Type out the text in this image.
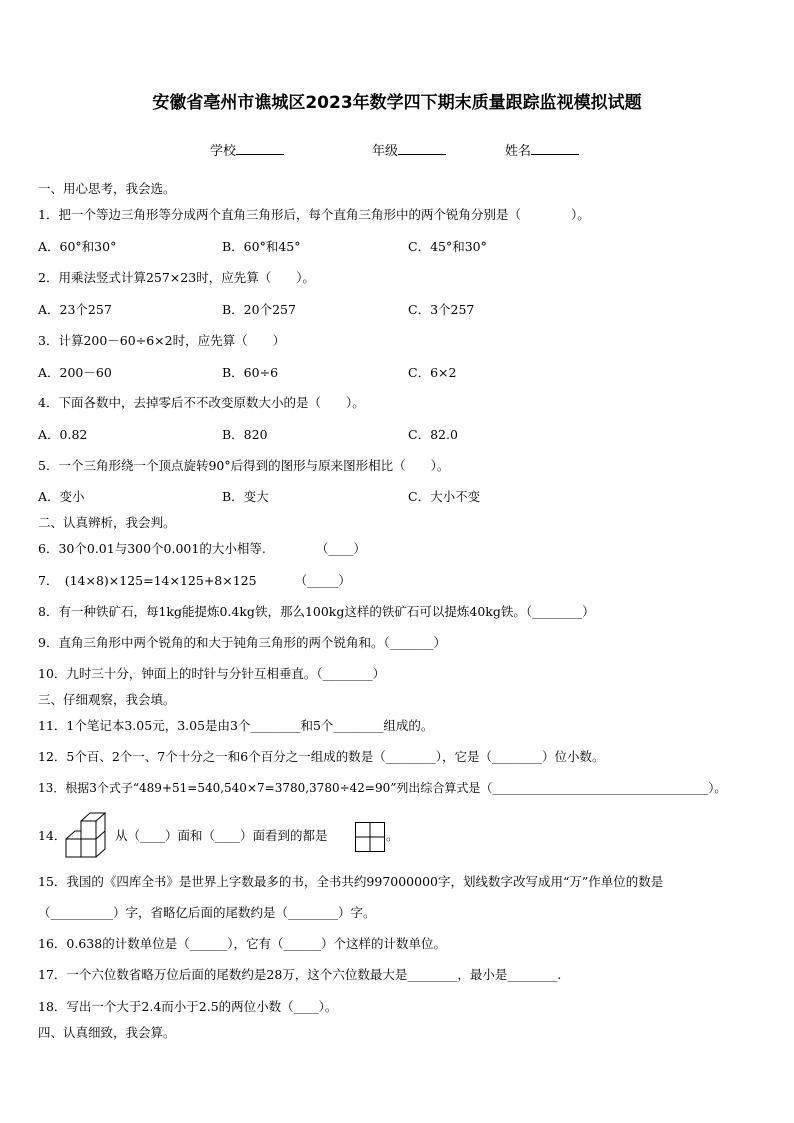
安徽省亳州市谯城区2023年数学四下期末质量跟踪监视模拟试题
学校	年级	姓名
一、用心思考，我会选。
1．把一个等边三角形等分成两个直角三角形后，每个直角三角形中的两个锐角分别是（　　　　）。
A．60°和30°	B．60°和45°	C．45°和30°
2．用乘法竖式计算257×23时，应先算（　　）。
A．23个257	B．20个257	C．3个257
3．计算200－60÷6×2时，应先算（　　）
A．200－60	B．60÷6	C．6×2
4．下面各数中，去掉零后不不改变原数大小的是（　　）。
A．0.82	B．820	C．82.0
5．一个三角形绕一个顶点旋转90°后得到的图形与原来图形相比（　　）。
A．变小	B．变大	C．大小不变
二、认真辨析，我会判。
6．30个0.01与300个0.001的大小相等.	（____）
7．　(14×8)×125=14×125+8×125	（_____）
8．有一种铁矿石，每1kg能提炼0.4kg铁，那么100kg这样的铁矿石可以提炼40kg铁。（________）
9．直角三角形中两个锐角的和大于钝角三角形的两个锐角和。（_______）
10．九时三十分，钟面上的时针与分针互相垂直。（________）
三、仔细观察，我会填。
11．1个笔记本3.05元，3.05是由3个________和5个________组成的。
12．5个百、2个一、7个十分之一和6个百分之一组成的数是（________），它是（________）位小数。
13．根据3个式子“489+51=540,540×7=3780,3780÷42=90”列出综合算式是（____________________________________）。
14．	从（____）面和（____）面看到的都是	。
15．我国的《四库全书》是世界上字数最多的书，全书共约997000000字，划线数字改写成用“万”作单位的数是
（__________）字，省略亿后面的尾数约是（________）字。
16．0.638的计数单位是（______），它有（______）个这样的计数单位。
17．一个六位数省略万位后面的尾数约是28万，这个六位数最大是________，最小是________.
18．写出一个大于2.4而小于2.5的两位小数（____）。
四、认真细致，我会算。
